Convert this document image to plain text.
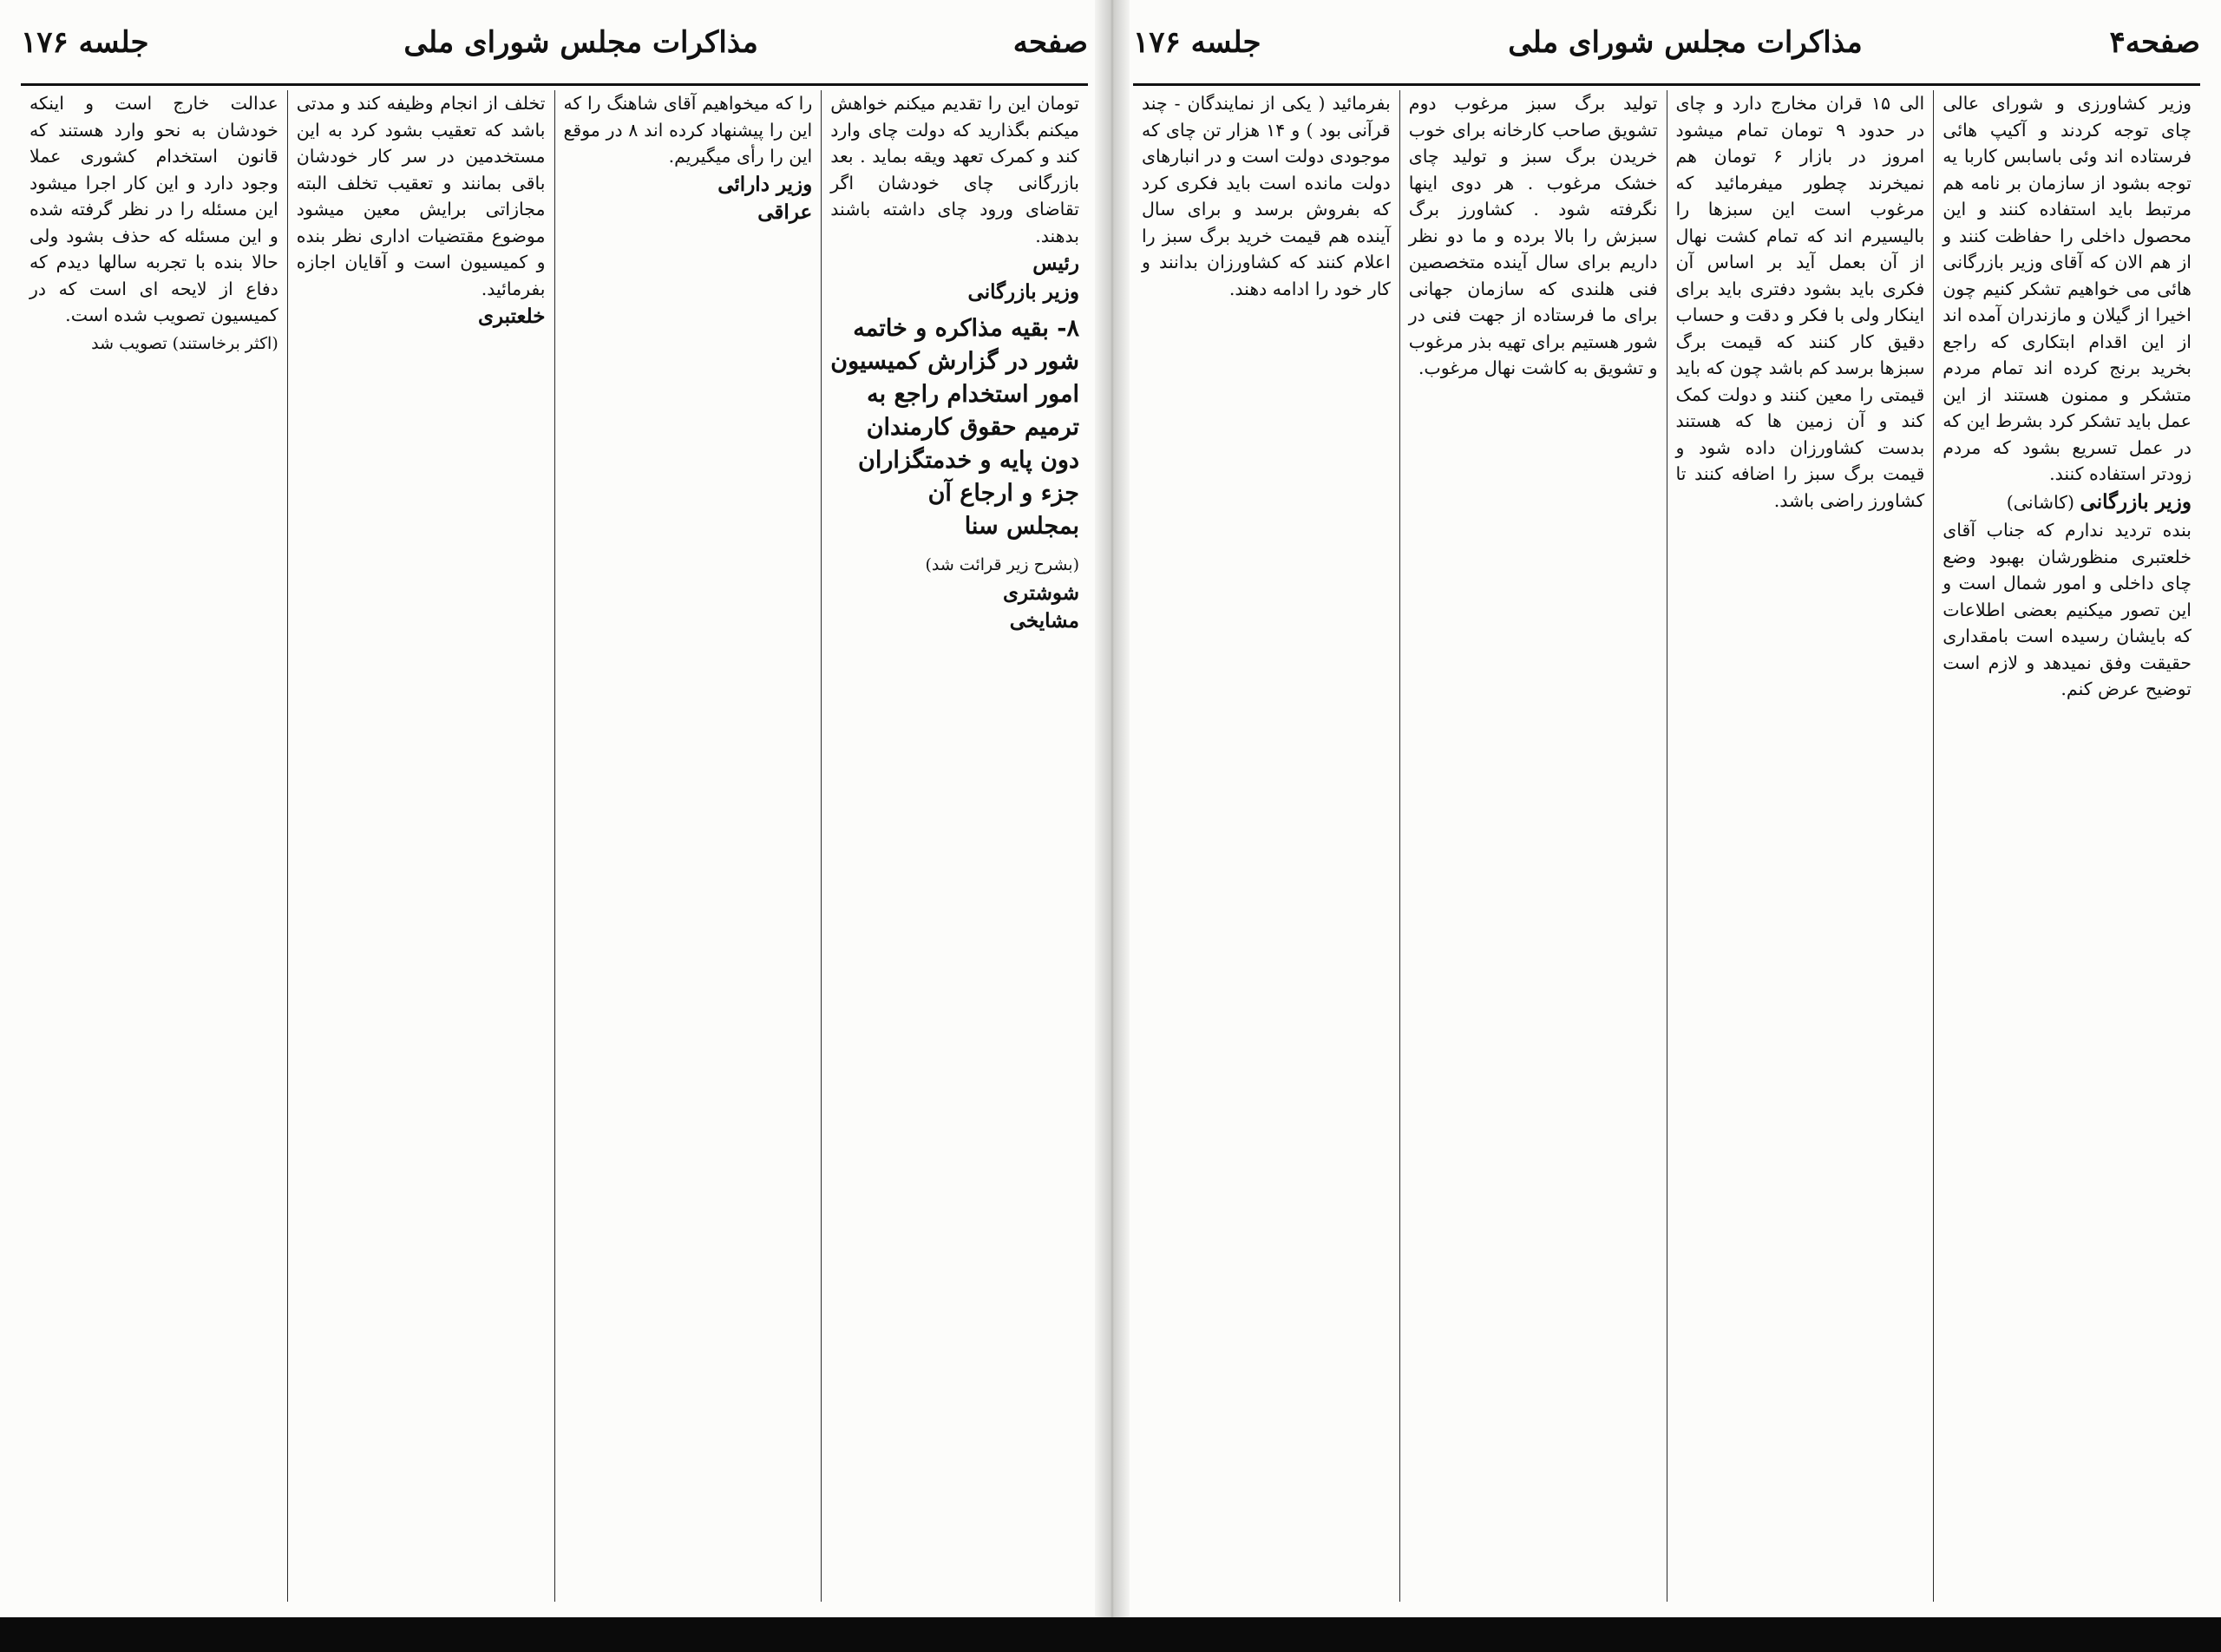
صفحه۴
مذاکرات مجلس شورای ملی
جلسه ۱۷۶

وزیر کشاورزی و شورای عالی چای توجه کردند و آکیپ هائی فرستاده اند وئی باسابس کاربا یه توجه بشود از سازمان بر نامه هم مرتبط باید استفاده کنند و این محصول داخلی را حفاظت کنند و از هم الان که آقای وزیر بازرگانی هائی می خواهیم تشکر کنیم چون اخیرا از گیلان و مازندران آمده اند از این اقدام ابتکاری که راجع بخرید برنج کرده اند تمام مردم متشکر و ممنون هستند از این عمل باید تشکر کرد بشرط این که در عمل تسریع بشود که مردم زودتر استفاده کنند.

وزیر بازرگانی (کاشانی)

بنده تردید ندارم که جناب آقای خلعتبری منظورشان بهبود وضع چای داخلی و امور شمال است و این تصور میکنیم بعضی اطلاعات که بایشان رسیده است بامقداری حقیقت وفق نمیدهد و لازم است توضیح عرض کنم.

الی ۱۵ قران مخارج دارد و چای در حدود ۹ تومان تمام میشود امروز در بازار ۶ تومان هم نمیخرند چطور میفرمائید که مرغوب است این سبزها را بالیسیرم اند که تمام کشت نهال از آن بعمل آید بر اساس آن فکری باید بشود دفتری باید برای اینکار ولی با فکر و دقت و حساب دقیق کار کنند که قیمت برگ سبزها برسد کم باشد چون که باید قیمتی را معین کنند و دولت کمک کند و آن زمین ها که هستند بدست کشاورزان داده شود و قیمت برگ سبز را اضافه کنند تا کشاورز راضی باشد.

تولید برگ سبز مرغوب دوم تشویق صاحب کارخانه برای خوب خریدن برگ سبز و تولید چای خشک مرغوب . هر دوی اینها نگرفته شود . کشاورز برگ سبزش را بالا برده و ما دو نظر داریم برای سال آینده متخصصین فنی هلندی که سازمان جهانی برای ما فرستاده از جهت فنی در شور هستیم برای تهیه بذر مرغوب و تشویق به کاشت نهال مرغوب.

بفرمائید ( یکی از نمایندگان - چند قرآنی بود ) و ۱۴ هزار تن چای که موجودی دولت است و در انبارهای دولت مانده است باید فکری کرد که بفروش برسد و برای سال آینده هم قیمت خرید برگ سبز را اعلام کنند که کشاورزان بدانند و کار خود را ادامه دهند.

صفحه
مذاکرات مجلس شورای ملی
جلسه ۱۷۶

تومان این را تقدیم میکنم خواهش میکنم بگذارید که دولت چای وارد کند و کمرک تعهد ویقه بماید . بعد بازرگانی چای خودشان اگر تقاضای ورود چای داشته باشند بدهند.

رئیس

وزیر بازرگانی

۸- بقیه مذاکره و خاتمه
شور در گزارش کمیسیون
امور استخدام راجع به
ترمیم حقوق کارمندان
دون پایه و خدمتگزاران
جزء و ارجاع آن
بمجلس سنا

(بشرح زیر قرائت شد)

شوشتری

مشایخی

را که میخواهیم آقای شاهنگ را که این را پیشنهاد کرده اند ۸ در موقع این را رأی میگیریم.

وزیر دارائی

عراقی

تخلف از انجام وظیفه کند و مدتی باشد که تعقیب بشود کرد به این مستخدمین در سر کار خودشان باقی بمانند و تعقیب تخلف البته مجازاتی برایش معین میشود موضوع مقتضیات اداری نظر بنده و کمیسیون است و آقایان اجازه بفرمائید.

خلعتبری

عدالت خارج است و اینکه خودشان به نحو وارد هستند که قانون استخدام کشوری عملا وجود دارد و این کار اجرا میشود این مسئله را در نظر گرفته شده و این مسئله که حذف بشود ولی حالا بنده با تجربه سالها دیدم که دفاع از لایحه ای است که در کمیسیون تصویب شده است.

(اکثر برخاستند) تصویب شد
